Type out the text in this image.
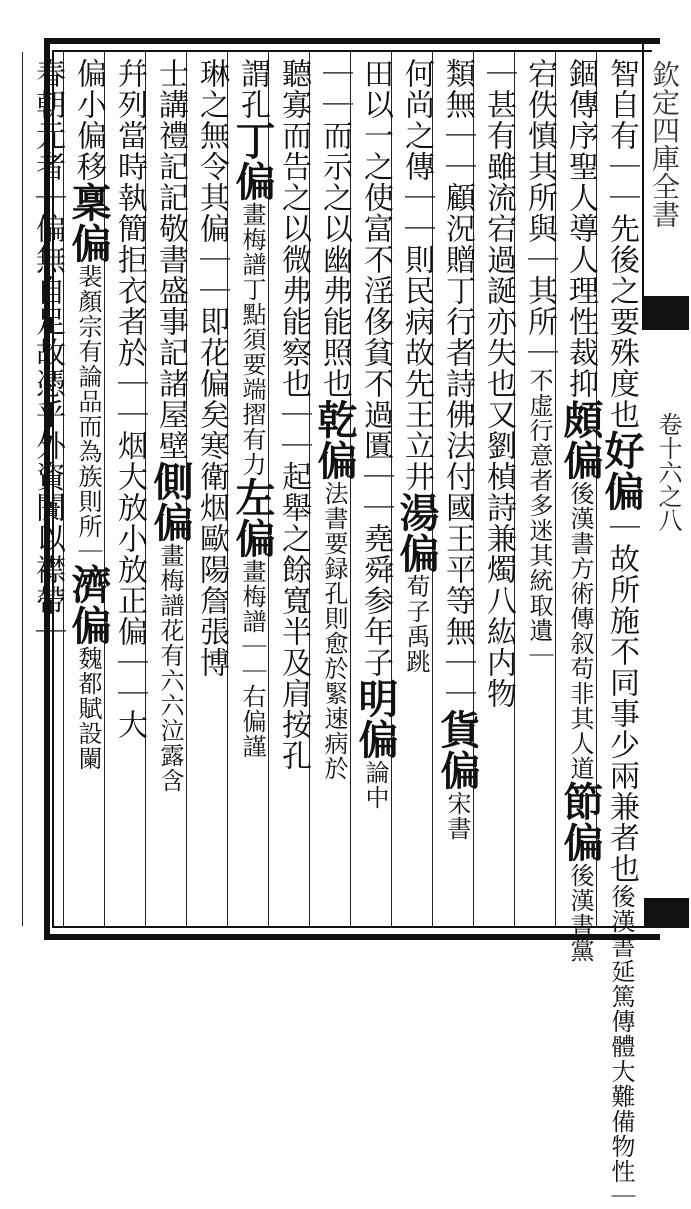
欽定四庫全書
卷十六之八
智自有｜｜先後之要殊度也好偏｜故所施不同事少兩兼者也後漢書延篤傳體大難備物性｜
錮傳序聖人導人理性裁抑頗偏後漢書方術傳叙苟非其人道節偏後漢書黨
宕佚慎其所與｜其所｜不虚行意者多迷其統取遺｜
｜甚有雖流宕過誕亦失也又劉楨詩兼燭八紘内物
類無｜｜顧況贈丁行者詩佛法付國王平等無｜｜貨偏宋書
何尚之傳｜｜則民病故先王立井湯偏荀子禹跳
田以一之使富不淫侈貧不過匱｜｜堯舜参年子明偏論中
｜｜而示之以幽弗能照也乾偏法書要録孔則愈於緊速病於
聽寡而告之以微弗能察也｜｜起舉之餘寬半及肩按孔
謂孔丁偏畫梅譜丁點須要端摺有力左偏畫梅譜｜｜右偏謹
琳之無令其偏｜｜即花偏矣寒衛烟歐陽詹張博
士講禮記記敬書盛事記諸屋壁側偏畫梅譜花有六六泣露含
幷列當時執簡拒衣者於｜｜烟大放小放正偏｜｜大
偏小偏移稟偏裴顏宗有論品而為族則所｜濟偏魏都賦設闌
春朝元者｜偏無自足故憑乎外資闠以襟帶｜
